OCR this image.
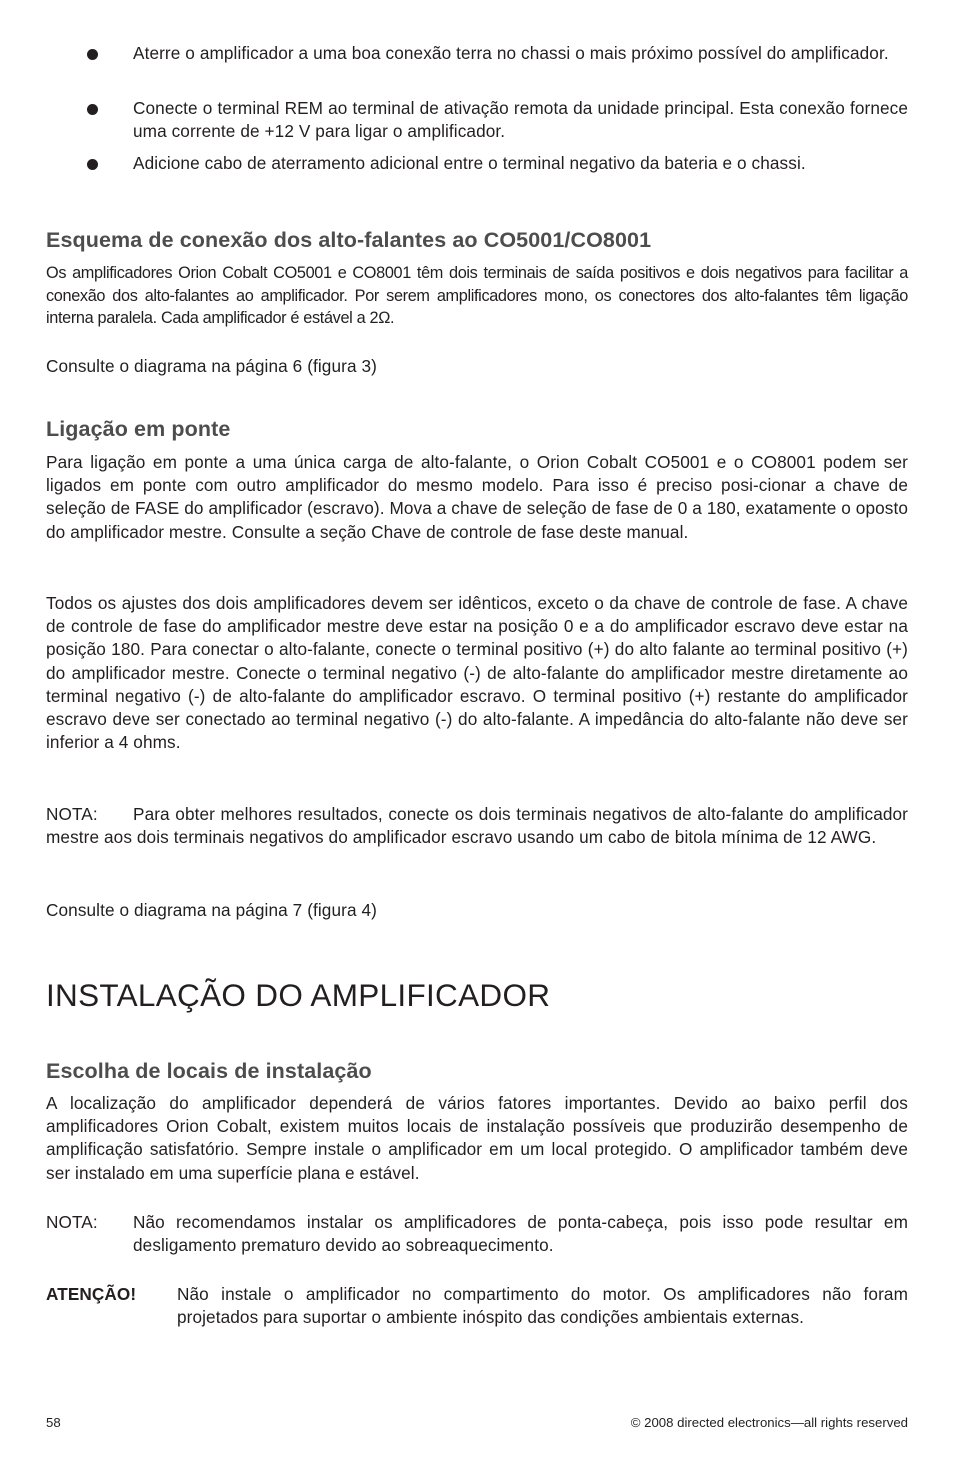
Aterre o amplificador a uma boa conexão terra no chassi o mais próximo possível do amplificador.
Conecte o terminal REM ao terminal de ativação remota da unidade principal. Esta conexão fornece uma corrente de +12 V para ligar o amplificador.
Adicione cabo de aterramento adicional entre o terminal negativo da bateria e o chassi.
Esquema de conexão dos alto-falantes ao CO5001/CO8001
Os amplificadores Orion Cobalt CO5001 e CO8001 têm dois terminais de saída positivos e dois negativos para facilitar a conexão dos alto-falantes ao amplificador. Por serem amplificadores mono, os conectores dos alto-falantes têm ligação interna paralela. Cada amplificador é estável a 2Ω.
Consulte o diagrama na página 6 (figura 3)
Ligação em ponte
Para ligação em ponte a uma única carga de alto-falante, o Orion Cobalt CO5001 e o CO8001 podem ser ligados em ponte com outro amplificador do mesmo modelo. Para isso é preciso posi-cionar a chave de seleção de FASE do amplificador (escravo). Mova a chave de seleção de fase de 0 a 180, exatamente o oposto do amplificador mestre. Consulte a seção Chave de controle de fase deste manual.
Todos os ajustes dos dois amplificadores devem ser idênticos, exceto o da chave de controle de fase. A chave de controle de fase do amplificador mestre deve estar na posição 0 e a do amplificador escravo deve estar na posição 180. Para conectar o alto-falante, conecte o terminal positivo (+) do alto falante ao terminal positivo (+) do amplificador mestre. Conecte o terminal negativo (-) de alto-falante do amplificador mestre diretamente ao terminal negativo (-) de alto-falante do amplificador escravo. O terminal positivo (+) restante do amplificador escravo deve ser conectado ao terminal negativo (-) do alto-falante. A impedância do alto-falante não deve ser inferior a 4 ohms.
NOTA:	Para obter melhores resultados, conecte os dois terminais negativos de alto-falante do amplificador mestre aos dois terminais negativos do amplificador escravo usando um cabo de bitola mínima de 12 AWG.
Consulte o diagrama na página 7 (figura 4)
INSTALAÇÃO DO AMPLIFICADOR
Escolha de locais de instalação
A localização do amplificador dependerá de vários fatores importantes. Devido ao baixo perfil dos amplificadores Orion Cobalt, existem muitos locais de instalação possíveis que produzirão desempenho de amplificação satisfatório. Sempre instale o amplificador em um local protegido. O amplificador também deve ser instalado em uma superfície plana e estável.
NOTA: Não recomendamos instalar os amplificadores de ponta-cabeça, pois isso pode resultar em desligamento prematuro devido ao sobreaquecimento.
ATENÇÃO! Não instale o amplificador no compartimento do motor. Os amplificadores não foram projetados para suportar o ambiente inóspito das condições ambientais externas.
58	© 2008 directed electronics—all rights reserved
